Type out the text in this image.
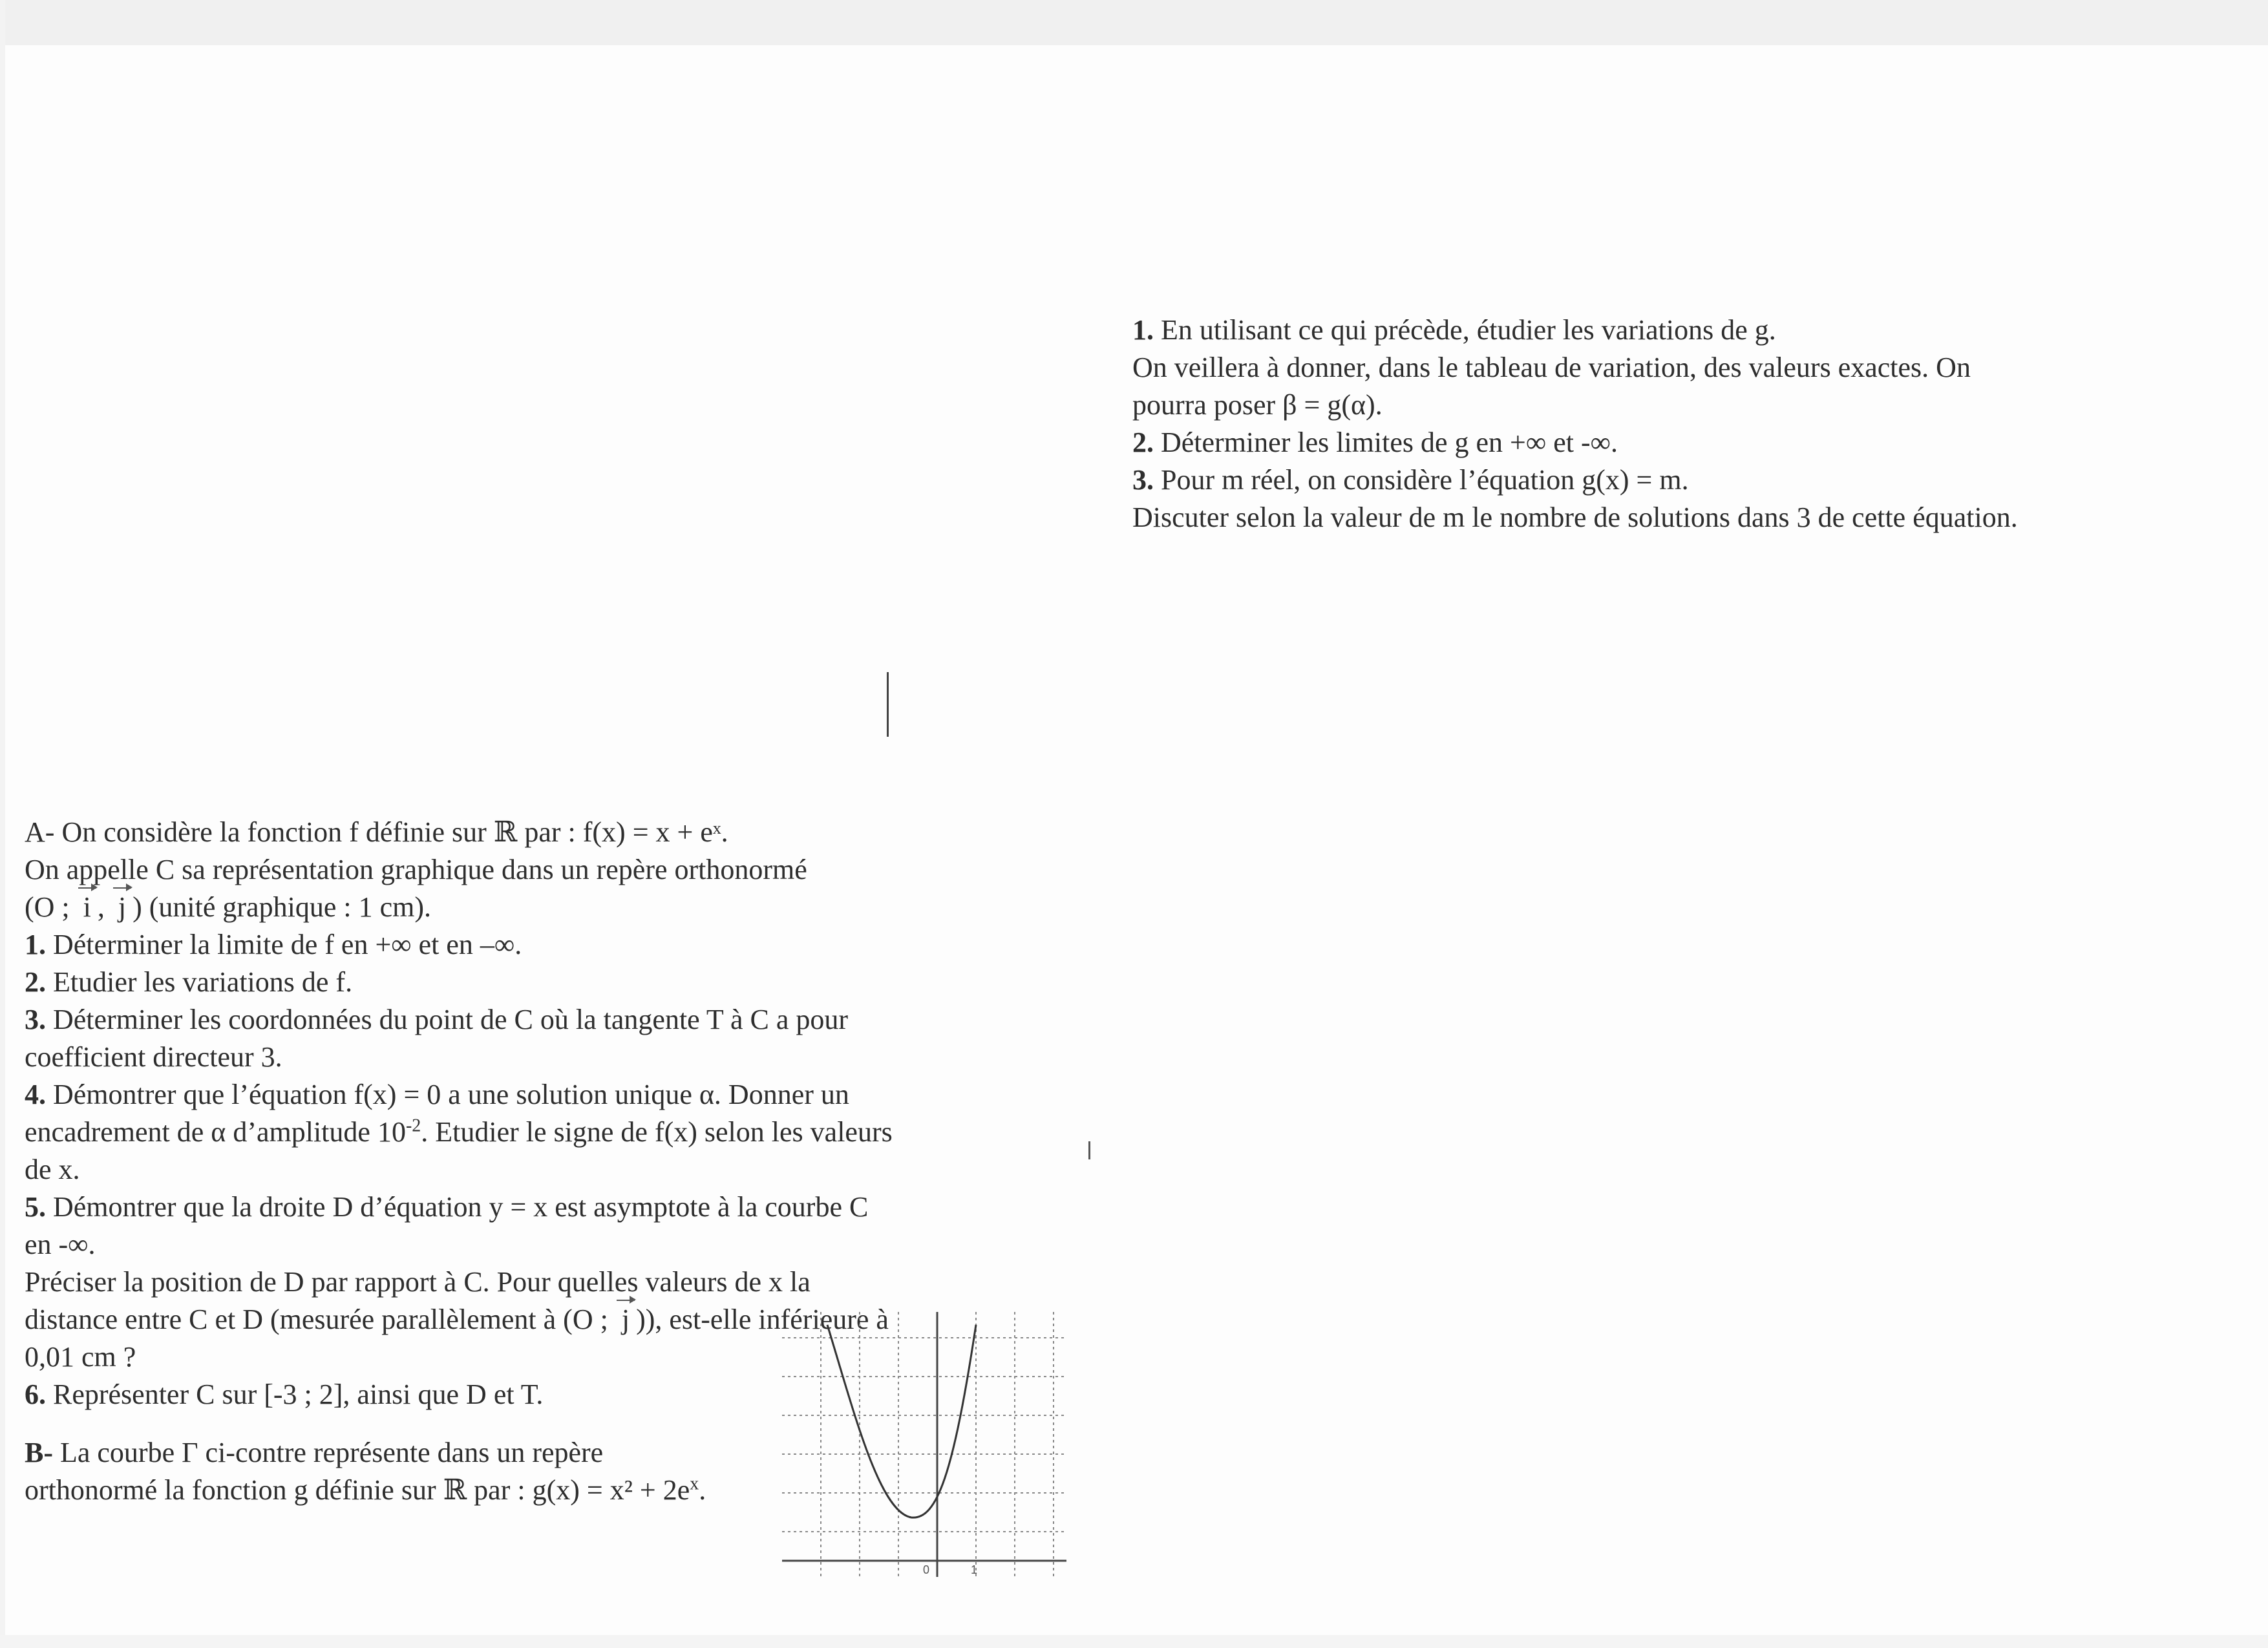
1. En utilisant ce qui précède, étudier les variations de g.

On veillera à donner, dans le tableau de variation, des valeurs exactes. On

pourra poser β = g(α).

2. Déterminer les limites de g en +∞ et -∞.

3. Pour m réel, on considère l’équation g(x) = m.

Discuter selon la valeur de m le nombre de solutions dans 3 de cette équation.

A- On considère la fonction f définie sur ℝ par : f(x) = x + eˣ.

On appelle C sa représentation graphique dans un repère orthonormé

(O ; i , j ) (unité graphique : 1 cm).

1. Déterminer la limite de f en +∞ et en –∞.

2. Etudier les variations de f.

3. Déterminer les coordonnées du point de C où la tangente T à C a pour

coefficient directeur 3.

4. Démontrer que l’équation f(x) = 0 a une solution unique α. Donner un

encadrement de α d’amplitude $10^{-2}$. Etudier le signe de f(x) selon les valeurs

de x.

5. Démontrer que la droite D d’équation y = x est asymptote à la courbe C

en -∞.

Préciser la position de D par rapport à C. Pour quelles valeurs de x la

distance entre C et D (mesurée parallèlement à (O ; j )), est-elle inférieure à

0,01 cm ?

6. Représenter C sur [-3 ; 2], ainsi que D et T.

B- La courbe Γ ci-contre représente dans un repère

orthonormé la fonction g définie sur ℝ par : $g(x) = x^2 + 2e^x$.

0	1
